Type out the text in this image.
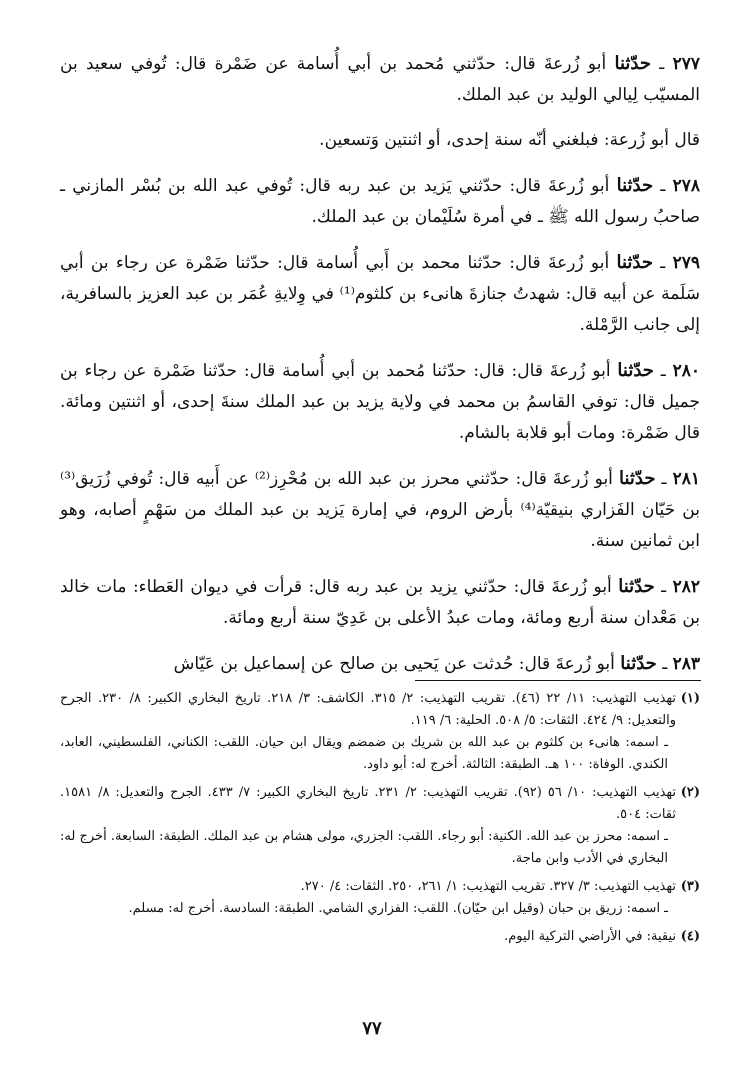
٢٧٧ ـ حدّثنا أبو زُرعةَ قال: حدّثني مُحمد بن أبي أُسامة عن ضَمْرة قال: تُوفي سعيد بن المسيّب لِيالي الوليد بن عبد الملك.

قال أبو زُرعة: فبلغني أنّه سنة إحدى، أو اثنتين وَتسعين.

٢٧٨ ـ حدّثنا أبو زُرعةَ قال: حدّثني يَزيد بن عبد ربه قال: تُوفي عبد الله بن بُسْر المازني ـ صاحبُ رسول الله ﷺ ـ في أمرة سُلَيْمان بن عبد الملك.

٢٧٩ ـ حدّثنا أبو زُرعةَ قال: حدّثنا محمد بن أَبي أُسامة قال: حدّثنا ضَمْرة عن رجاء بن أبي سَلَمة عن أبيه قال: شهدتُ جنازةَ هانىء بن كلثوم⁽¹⁾ في وِلايةِ عُمَر بن عبد العزيز بالسافرية، إلى جانب الرَّمْلة.

٢٨٠ ـ حدّثنا أبو زُرعةَ قال: قال: حدّثنا مُحمد بن أبي أُسامة قال: حدّثنا ضَمْرة عن رجاء بن جميل قال: توفي القاسمُ بن محمد في ولاية يزيد بن عبد الملك سنةَ إحدى، أو اثنتين ومائة. قال ضَمْرة: ومات أبو قلابة بالشام.

٢٨١ ـ حدّثنا أبو زُرعةَ قال: حدّثني محرز بن عبد الله بن مُحْرِز⁽²⁾ عن أَبيه قال: تُوفي زُرَيق⁽³⁾ بن حَيّان الفَزاري بنيقيّة⁽⁴⁾ بأرض الروم، في إمارة يَزيد بن عبد الملك من سَهْمٍ أصابه، وهو ابن ثمانين سنة.

٢٨٢ ـ حدّثنا أبو زُرعةَ قال: حدّثني يزيد بن عبد ربه قال: قرأت في ديوان العَطاء: مات خالد بن مَعْدان سنة أربع ومائة، ومات عبدُ الأعلى بن عَدِيّ سنة أربع ومائة.

٢٨٣ ـ حدّثنا أبو زُرعةَ قال: حُدثت عن يَحيى بن صالح عن إسماعيل بن عَيّاش

(١)
تهذيب التهذيب: ١١/ ٢٢ (٤٦). تقريب التهذيب: ٢/ ٣١٥. الكاشف: ٣/ ٢١٨. تاريخ البخاري الكبير: ٨/ ٢٣٠. الجرح والتعديل: ٩/ ٤٢٤. الثقات: ٥/ ٥٠٨. الحلية: ٦/ ١١٩.
ـ اسمه: هانىء بن كلثوم بن عبد الله بن شريك بن ضمضم ويقال ابن حيان. اللقب: الكناني، الفلسطيني، العابد، الكندي. الوفاة: ١٠٠ هـ. الطبقة: الثالثة. أخرج له: أبو داود.
(٢)
تهذيب التهذيب: ١٠/ ٥٦ (٩٢). تقريب التهذيب: ٢/ ٢٣١. تاريخ البخاري الكبير: ٧/ ٤٣٣. الجرح والتعديل: ٨/ ١٥٨١. ثقات: ٥٠٤.
ـ اسمه: محرز بن عبد الله. الكنية: أبو رجاء. اللقب: الجزري، مولى هشام بن عبد الملك. الطبقة: السابعة. أخرج له: البخاري في الأدب وابن ماجة.
(٣)
تهذيب التهذيب: ٣/ ٣٢٧. تقريب التهذيب: ١/ ٢٦١، ٢٥٠. الثقات: ٤/ ٢٧٠.
ـ اسمه: زريق بن حبان (وقيل ابن حيّان). اللقب: الفزاري الشامي. الطبقة: السادسة. أخرج له: مسلم.
(٤)
نيقية: في الأراضي التركية اليوم.
٧٧
